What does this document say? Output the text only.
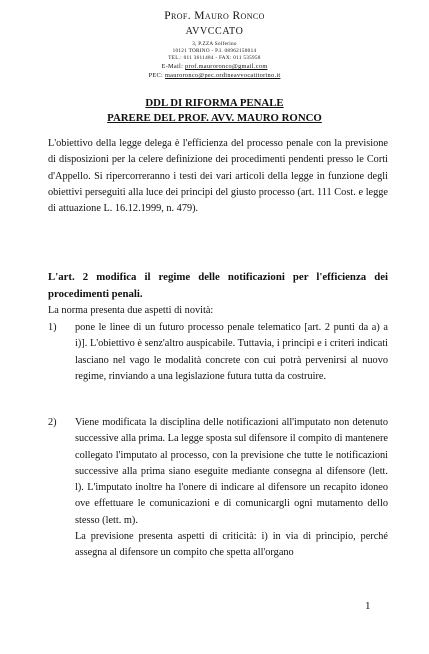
Prof. Mauro Ronco
AVVCCATO
3, P.ZZA Solferino
10121 TORINO - P.I. 08962150014
TEL.: 011 3611484 - FAX: 011 535958
E-Mail: prof.mauroronco@gmail.com
PEC: mauroronco@pec.ordineavvocatitorino.it
DDL DI RIFORMA PENALE
PARERE DEL PROF. AVV. MAURO RONCO
L'obiettivo della legge delega è l'efficienza del processo penale con la previsione di disposizioni per la celere definizione dei procedimenti pendenti presso le Corti d'Appello. Si ripercorreranno i testi dei vari articoli della legge in funzione degli obiettivi perseguiti alla luce dei principi del giusto processo (art. 111 Cost. e legge di attuazione L. 16.12.1999, n. 479).
L'art. 2 modifica il regime delle notificazioni per l'efficienza dei procedimenti penali.
La norma presenta due aspetti di novità:
1)	pone le linee di un futuro processo penale telematico [art. 2 punti da a) a i)]. L'obiettivo è senz'altro auspicabile. Tuttavia, i principi e i criteri indicati lasciano nel vago le modalità concrete con cui potrà pervenirsi al nuovo regime, rinviando a una legislazione futura tutta da costruire.
2)	Viene modificata la disciplina delle notificazioni all'imputato non detenuto successive alla prima. La legge sposta sul difensore il compito di mantenere collegato l'imputato al processo, con la previsione che tutte le notificazioni successive alla prima siano eseguite mediante consegna al difensore (lett. l). L'imputato inoltre ha l'onere di indicare al difensore un recapito idoneo ove effettuare le comunicazioni e di comunicargli ogni mutamento dello stesso (lett. m).
La previsione presenta aspetti di criticità: i) in via di principio, perché assegna al difensore un compito che spetta all'organo
1
